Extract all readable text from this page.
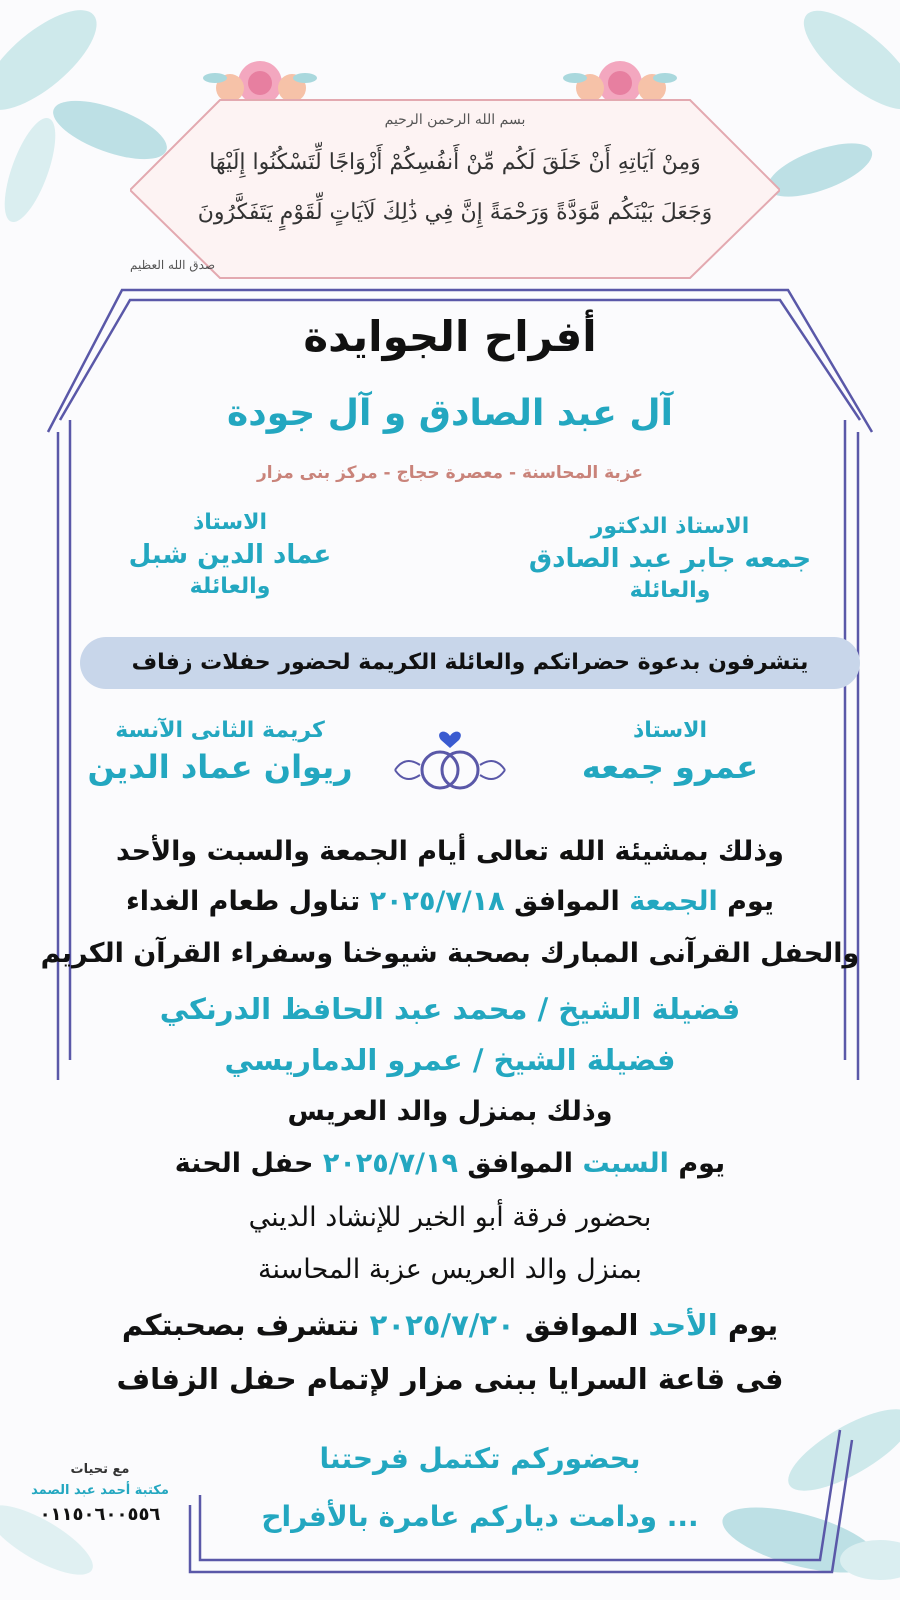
بسم الله الرحمن الرحيم
وَمِنْ آيَاتِهِ أَنْ خَلَقَ لَكُم مِّنْ أَنفُسِكُمْ أَزْوَاجًا لِّتَسْكُنُوا إِلَيْهَا
وَجَعَلَ بَيْنَكُم مَّوَدَّةً وَرَحْمَةً إِنَّ فِي ذَٰلِكَ لَآيَاتٍ لِّقَوْمٍ يَتَفَكَّرُونَ
صدق الله العظيم
أفراح الجوايدة
آل عبد الصادق و آل جودة
عزبة المحاسنة - معصرة حجاج - مركز بنى مزار
الاستاذ الدكتور
جمعه جابر عبد الصادق
والعائلة
الاستاذ
عماد الدين شبل
والعائلة
يتشرفون بدعوة حضراتكم والعائلة الكريمة لحضور حفلات زفاف
الاستاذ
عمرو جمعه
كريمة الثانى الآنسة
ريوان عماد الدين
وذلك بمشيئة الله تعالى أيام الجمعة والسبت والأحد
يوم الجمعة الموافق ٢٠٢٥/٧/١٨ تناول طعام الغداء
والحفل القرآنى المبارك بصحبة شيوخنا وسفراء القرآن الكريم
فضيلة الشيخ / محمد عبد الحافظ الدرنكي
فضيلة الشيخ / عمرو الدماريسي
وذلك بمنزل والد العريس
يوم السبت الموافق ٢٠٢٥/٧/١٩ حفل الحنة
بحضور فرقة أبو الخير للإنشاد الديني
بمنزل والد العريس عزبة المحاسنة
يوم الأحد الموافق ٢٠٢٥/٧/٢٠ نتشرف بصحبتكم
فى قاعة السرايا ببنى مزار لإتمام حفل الزفاف
بحضوركم تكتمل فرحتنا
... ودامت دياركم عامرة بالأفراح
مع تحيات
مكتبة أحمد عبد الصمد
٠١١٥٠٦٠٠٥٥٦
